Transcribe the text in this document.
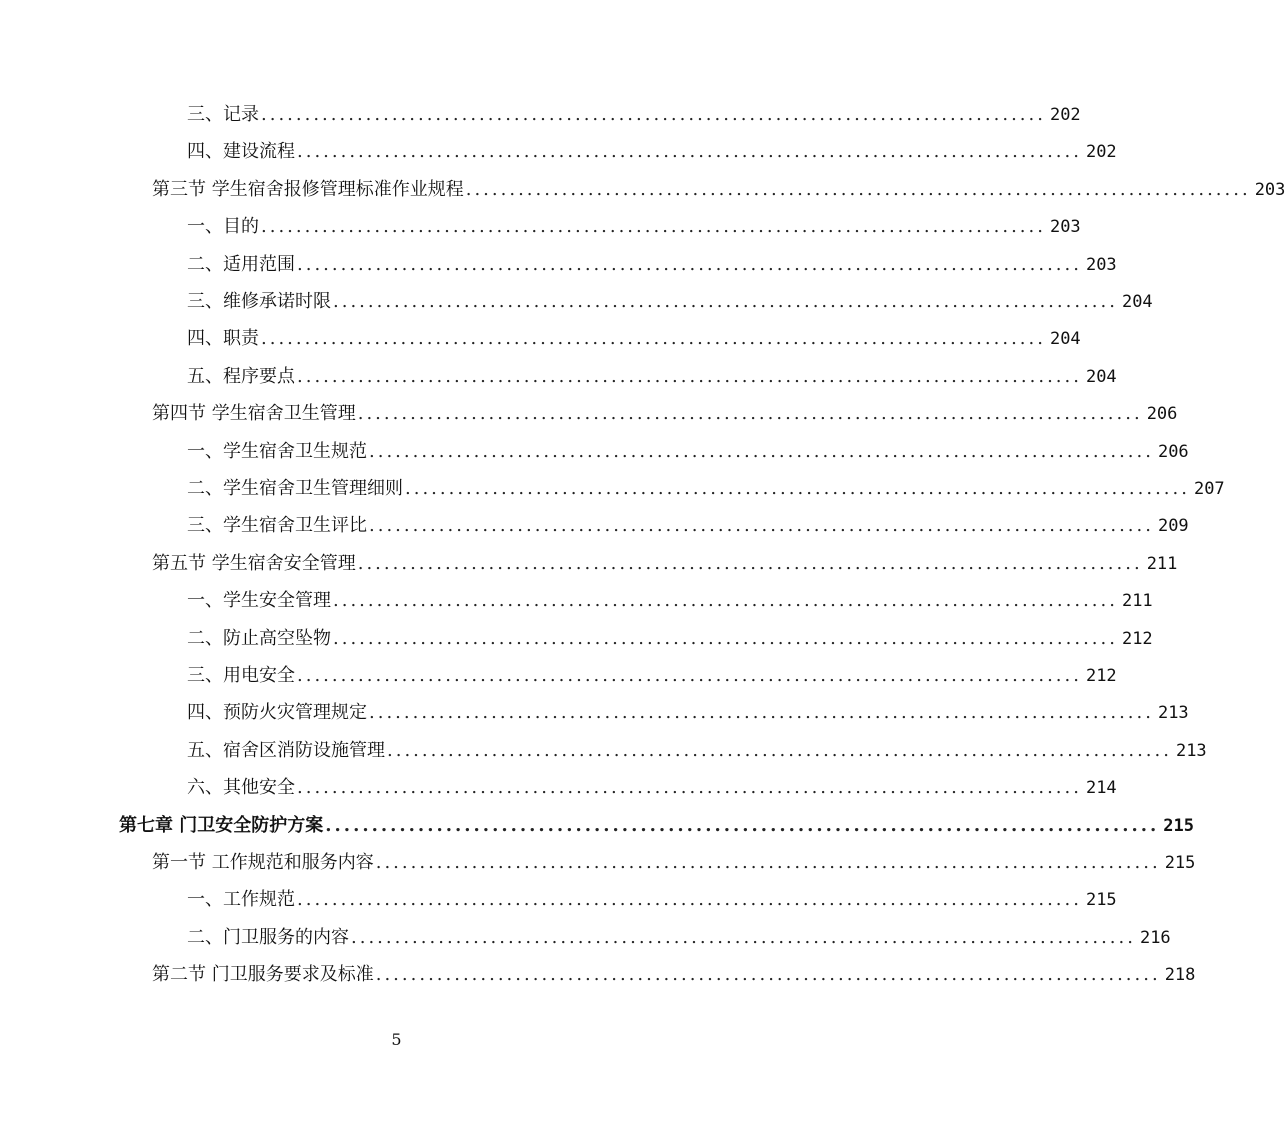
三、记录 .......................................................................................... 202
四、建设流程 .......................................................................................... 202
第三节 学生宿舍报修管理标准作业规程 .......................................................................................... 203
一、目的 .......................................................................................... 203
二、适用范围 .......................................................................................... 203
三、维修承诺时限 .......................................................................................... 204
四、职责 .......................................................................................... 204
五、程序要点 .......................................................................................... 204
第四节 学生宿舍卫生管理 .......................................................................................... 206
一、学生宿舍卫生规范 .......................................................................................... 206
二、学生宿舍卫生管理细则 .......................................................................................... 207
三、学生宿舍卫生评比 .......................................................................................... 209
第五节 学生宿舍安全管理 .......................................................................................... 211
一、学生安全管理 .......................................................................................... 211
二、防止高空坠物 .......................................................................................... 212
三、用电安全 .......................................................................................... 212
四、预防火灾管理规定 .......................................................................................... 213
五、宿舍区消防设施管理 .......................................................................................... 213
六、其他安全 .......................................................................................... 214
第七章 门卫安全防护方案 .......................................................................................... 215
第一节 工作规范和服务内容 .......................................................................................... 215
一、工作规范 .......................................................................................... 215
二、门卫服务的内容 .......................................................................................... 216
第二节 门卫服务要求及标准 .......................................................................................... 218
5
